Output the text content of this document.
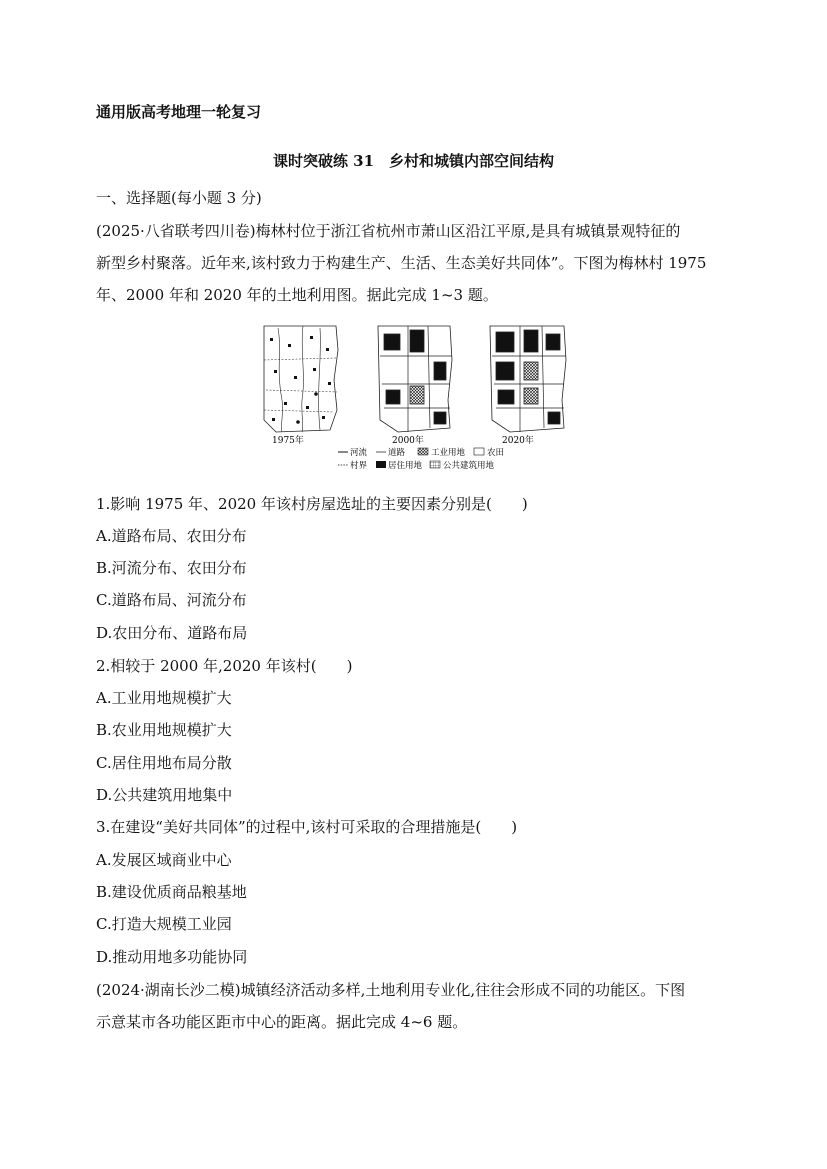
通用版高考地理一轮复习
课时突破练 31　乡村和城镇内部空间结构
一、选择题(每小题 3 分)
(2025·八省联考四川卷)梅林村位于浙江省杭州市萧山区沿江平原,是具有城镇景观特征的
新型乡村聚落。近年来,该村致力于构建生产、生活、生态美好共同体”。下图为梅林村 1975
年、2000 年和 2020 年的土地利用图。据此完成 1~3 题。
1975年	2000年	2020年
河流 道路	工业用地	农田
村界 居住用地 公共建筑用地
1.影响 1975 年、2020 年该村房屋选址的主要因素分别是(　　)
A.道路布局、农田分布
B.河流分布、农田分布
C.道路布局、河流分布
D.农田分布、道路布局
2.相较于 2000 年,2020 年该村(　　)
A.工业用地规模扩大
B.农业用地规模扩大
C.居住用地布局分散
D.公共建筑用地集中
3.在建设“美好共同体”的过程中,该村可采取的合理措施是(　　)
A.发展区域商业中心
B.建设优质商品粮基地
C.打造大规模工业园
D.推动用地多功能协同
(2024·湖南长沙二模)城镇经济活动多样,土地利用专业化,往往会形成不同的功能区。下图
示意某市各功能区距市中心的距离。据此完成 4~6 题。
